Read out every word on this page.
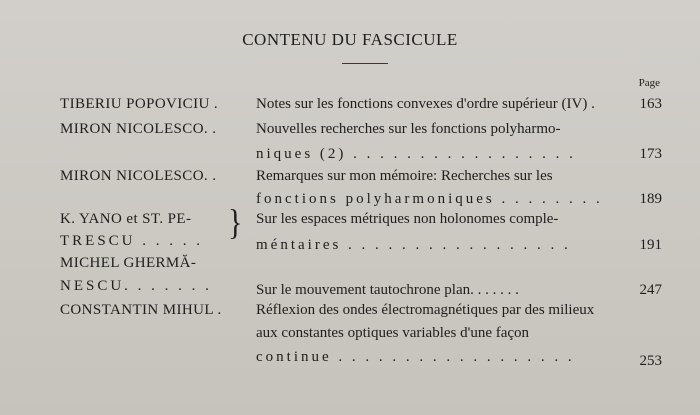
CONTENU DU FASCICULE
Page
TIBERIU POPOVICIU .	Notes sur les fonctions convexes d'ordre supérieur (IV) .	163
MIRON NICOLESCO. .	Nouvelles recherches sur les fonctions polyharmo-
niques (2) . . . . . . . . . . . . . . . . .	173
MIRON NICOLESCO. .	Remarques sur mon mémoire: Recherches sur les
fonctions polyharmoniques . . . . . . . .	189
K. YANO et ST. PE-
TRESCU . . . . . } Sur les espaces métriques non holonomes comple-
méntaires . . . . . . . . . . . . . . . . .	191
MICHEL GHERMĂ-
NESCU. . . . . . .	Sur le mouvement tautochrone plan. . . . . . .	247
CONSTANTIN MIHUL . Réflexion des ondes électromagnétiques par des milieux
aux constantes optiques variables d'une façon
continue . . . . . . . . . . . . . . . . . .	253
